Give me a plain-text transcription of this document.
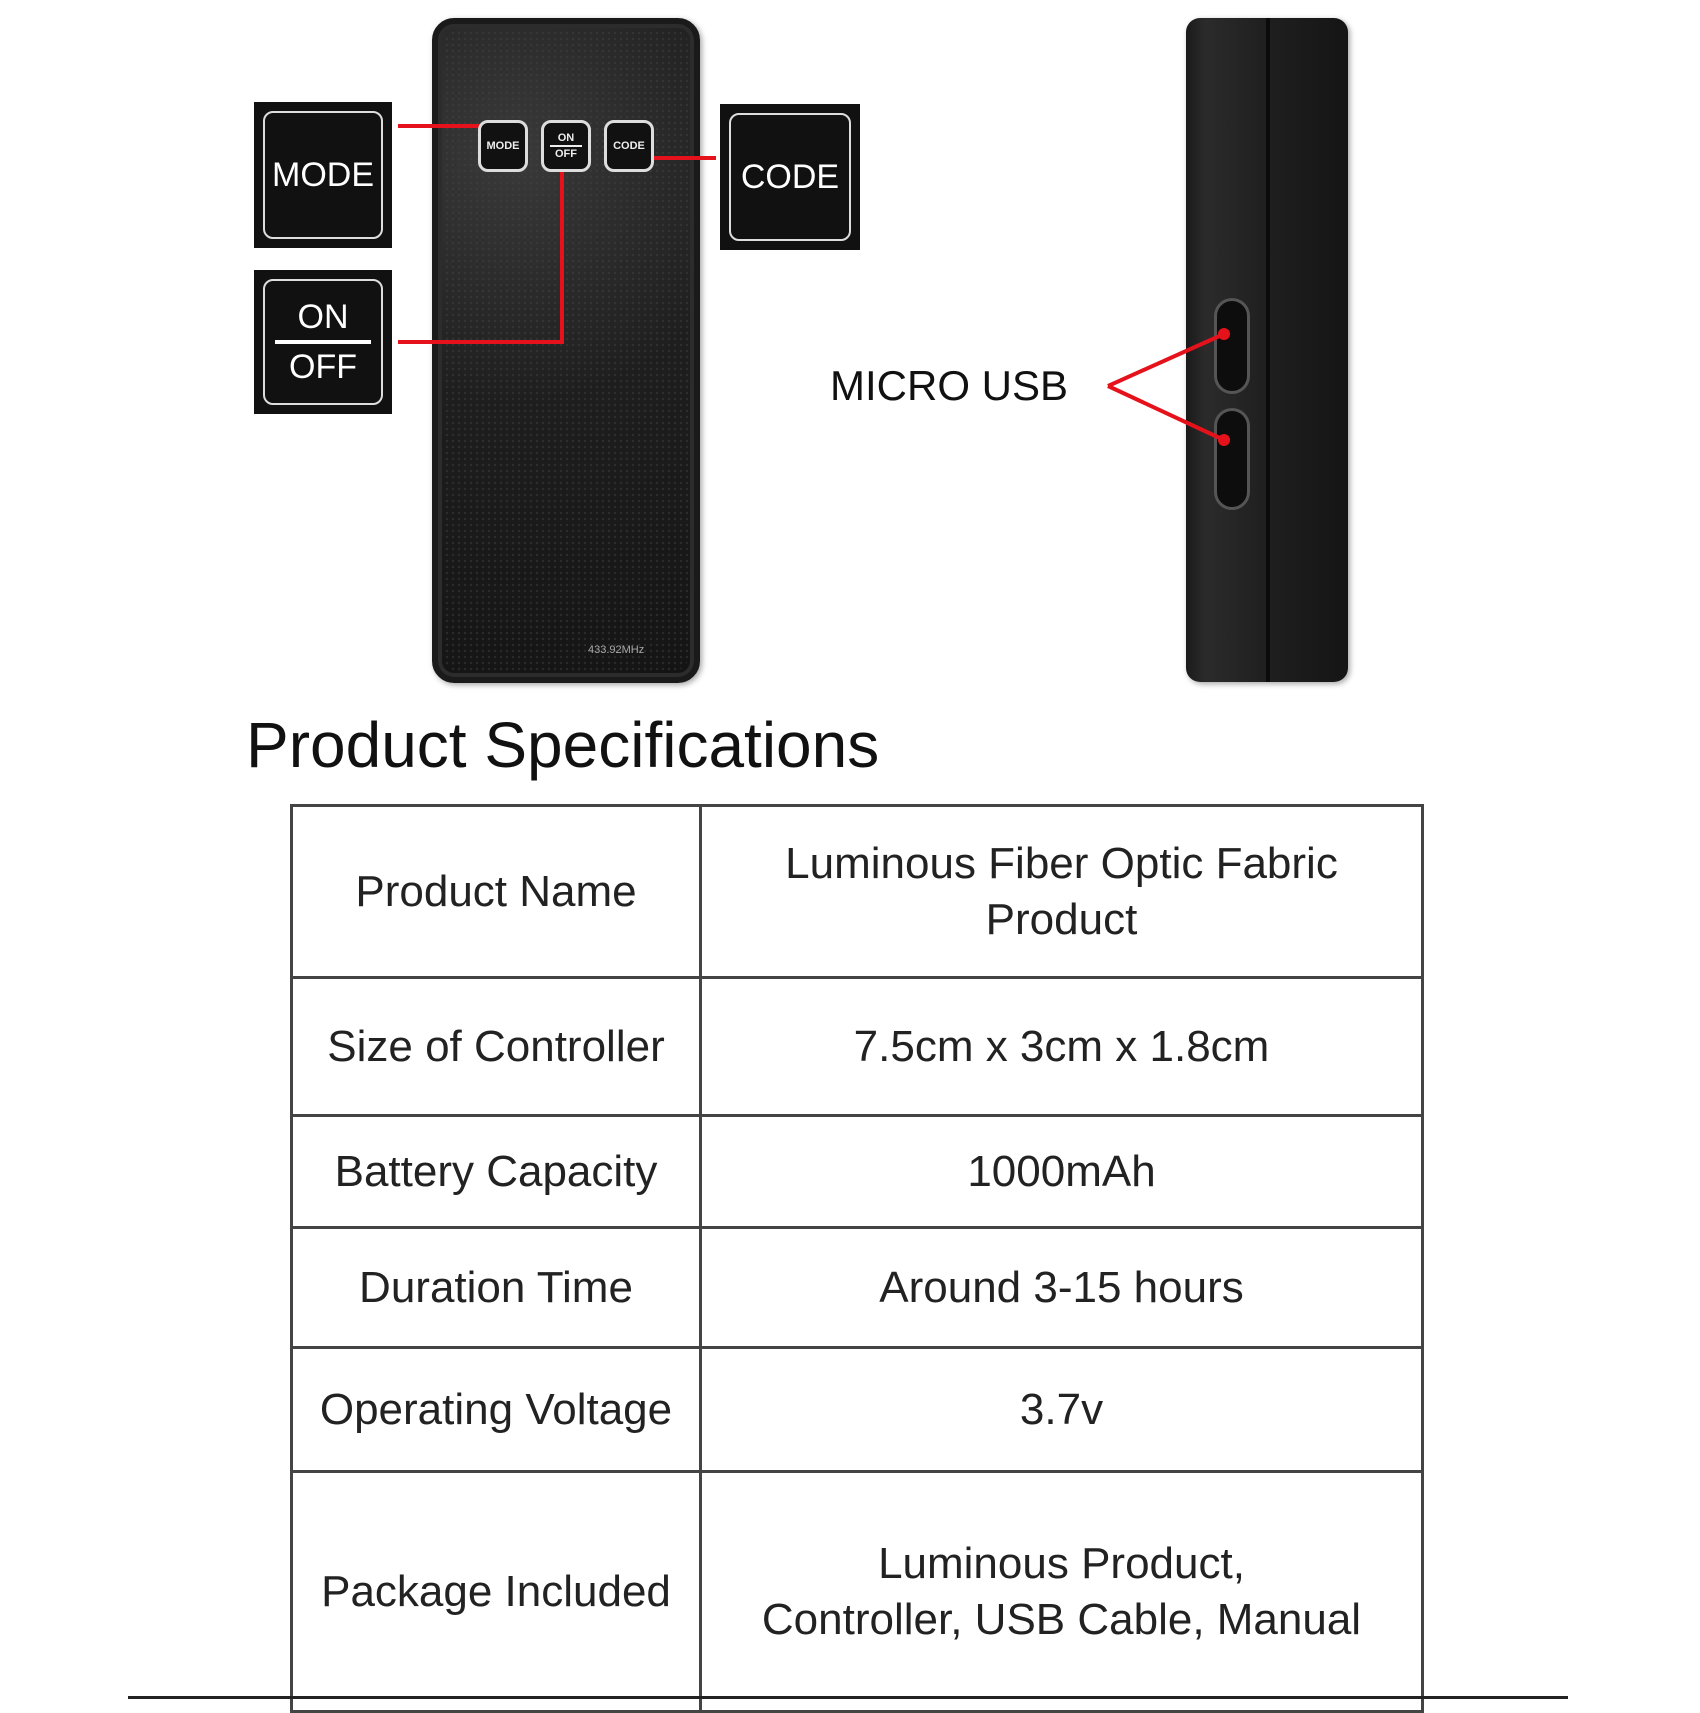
MODE
ON
OFF
CODE
433.92MHz
MODE
ON
OFF
CODE
MICRO USB
Product Specifications
Product Name	Luminous Fiber Optic Fabric
Product

Size of Controller	7.5cm x 3cm x 1.8cm

Battery Capacity	1000mAh

Duration Time	Around 3-15 hours

Operating Voltage	3.7v

Package Included	Luminous Product,
Controller, USB Cable, Manual
